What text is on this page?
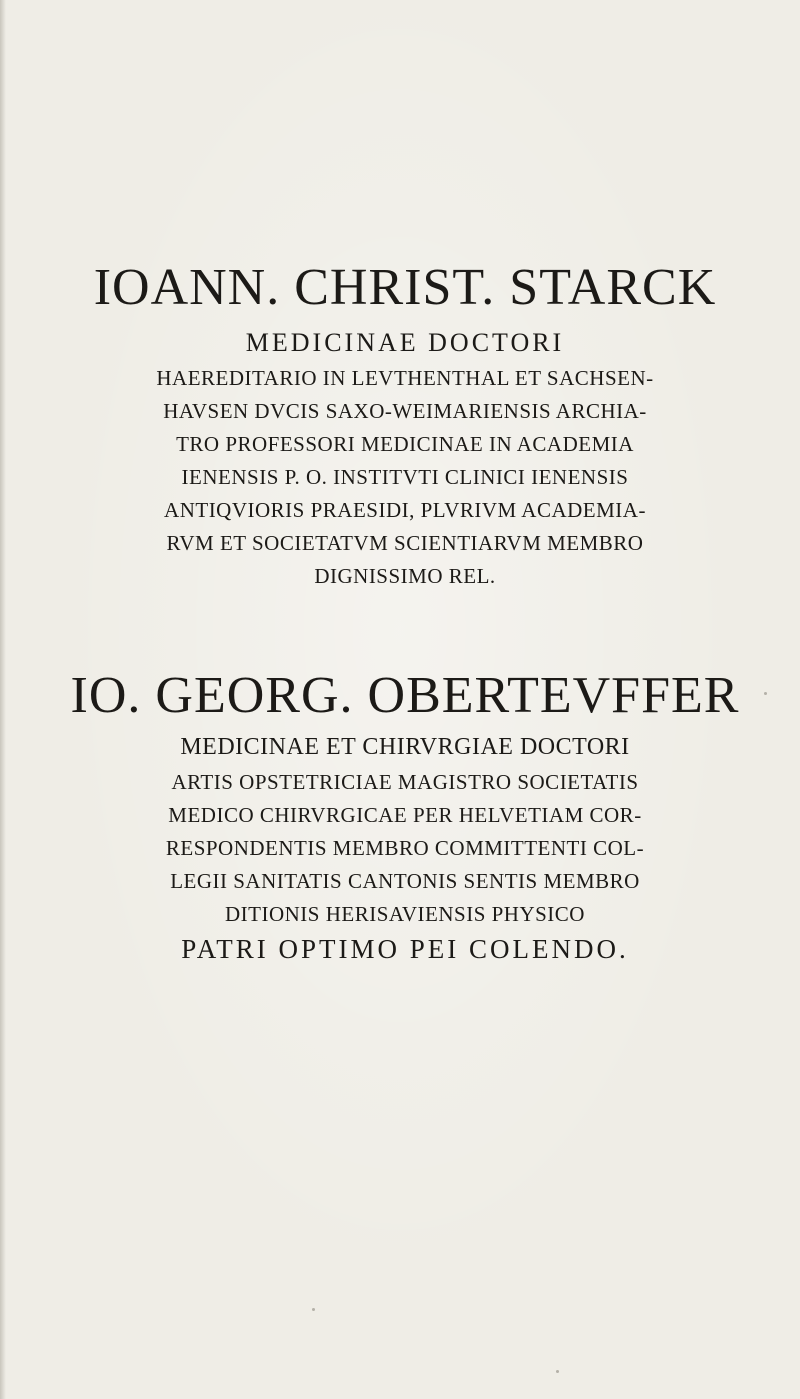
IOANN. CHRIST. STARCK

MEDICINAE DOCTORI

HAEREDITARIO IN LEVTHENTHAL ET SACHSEN-
HAVSEN DVCIS SAXO-WEIMARIENSIS ARCHIA-
TRO PROFESSORI MEDICINAE IN ACADEMIA
IENENSIS P. O. INSTITVTI CLINICI IENENSIS
ANTIQVIORIS PRAESIDI, PLVRIVM ACADEMIA-
RVM ET SOCIETATVM SCIENTIARVM MEMBRO
DIGNISSIMO REL.
IO. GEORG. OBERTEVFFER

MEDICINAE ET CHIRVRGIAE DOCTORI

ARTIS OPSTETRICIAE MAGISTRO SOCIETATIS
MEDICO CHIRVRGICAE PER HELVETIAM COR-
RESPONDENTIS MEMBRO COMMITTENTI COL-
LEGII SANITATIS CANTONIS SENTIS MEMBRO
DITIONIS HERISAVIENSIS PHYSICO

PATRI OPTIMO PEI COLENDO.
